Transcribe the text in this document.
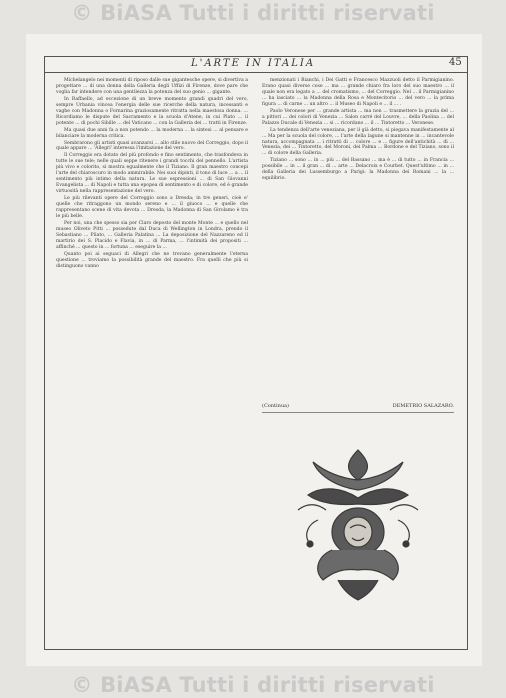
© BiASA Tutti i diritti riservati
L'ARTE IN ITALIA	45

Michelangelo nei momenti di riposo dalle sue gigantesche opere, si divertiva a progettare ... di una donna della Galleria degli Uffizi di Firenze, dove pare che voglia far intendere con una gentilezza la potenza del suo genio ... gigante.

In Raffaello, ad eccezione di un breve momento grandi quadri del vero, sempre Urbania vincea l'energia delle sue ricerche della natura, incessanti e vaghe con Madonna o Fornarina graziosamente ritratta nella maestosa donna. ... Ricordiamo le dispute del Sacramento e la scuola d'Atene, in cui Plato ... il potente ... di pochi Sibille ... del Vaticano ... con la Galleria dei ... tratti in Firenze.

Ma quasi due anni fa a non potendo ... la moderna ... la sintesi ... al pensare e bilanciare la moderna critica.

Sembrarono gli artisti quasi avanzarsi ... allo stile nuovo del Correggio, dopo il quale appare ... 'Allegri' interessa l'imitazione del vero.

Il Correggio era dotato del più profondo e fino sentimento, che trasfondeva in tutte le sue tele; nelle quali seppe ritenere i grandi tocchi del pennello. L'artista più vivo e colorito, si mostra egualmente che il Tiziano. Il gran maestro concepì l'arte del chiaroscuro in modo ammirabile. Nei suoi dipinti, il tono di luce ... a ... il sentimento più intimo della natura. Le sue espressioni ... di San Giovanni Evangelista ... di Napoli e tutta una epopea di sentimento e di colore, ed è grande virtuosità nella rappresentazione del vero.

Le più rilevanti opere del Correggio sono a Dresda; in tre generi, cioè e' quelle che ritraggono un mondo sereno e ... il giuoco ... e quelle che rappresentano scene di vita devota ... Dresda, la Madonna di San Girolamo è tra le più belle.

Per noi, una che spesso sia per Claro deposto del monte Monte ... e quello nel museo Oliveto Pitti ... possedute dal Duca di Wellington in Londra, prendo il Sebastiano ... Pilato, ... Galleria Palatina ... La deposizione del Nazzareno ed il martirio dei S. Placido e Flavia, in ... di Parma, ... l'intimità dei propositi ... affinché ... questo in ... fortuna ... eseguire la ...

Quanto poi ai seguaci di Allegri che ne trovano generalmente l'eterna questione ... troviamo la possibilità grande del maestro. Fra quelli che più si distinguono vanno

menzionati i Bianchi, i Dei Gatti e Francesco Mazzuoli detto il Parmigianino. Erano quasi diverse cose ... ma ... grande chiaro fra loro del suo maestro ... il quale non era legato a ... del cromatismo, ... del Correggio. Nel ... il Parmigianino ... ha lasciato ... la Madonna della Rosa e Montecitorio ... del vero ... la prima figura ... di carne ... un altro ... il Museo di Napoli e ... il ... .

Paolo Veronese per ... grande artista ... ma non ... trasmettere la grazia del ... a pittori ... dei colori di Venezia ... Salon carré del Louvre, ... della Paolina ... del Palazzo Ducale di Venezia ... si ... ricordano ... il ... Tintoretto ... Veronese.

La tendenza dell'arte veneziana, per il già detto, si piegava manifestamente al ... Ma per la scuola del colore, ... l'arte della lagune si mantenne in ... incantevole natura, accompagnata ... i ritratti di ... colore ... e ... figure dell'antichità ... di ... Venezia, dei ... Tintoretto, del Moroni, dei Palma ... Bordone e del Tiziano, sono il ... di colore della Galleria.

Tiziano ... sono ... in ... più ... del Bassano ... ma è ... di tutto ... in Francia ... possibile ... in ... il gran ... di ... arte ... Delacroix e Courbet. Quest'ultimo ... in ... della Galleria dei Lussemburgo a Parigi: la Madonna dei Romani ... la ... equilibrio.

(Continua)	DEMETRIO SALAZARO.
© BiASA Tutti i diritti riservati
